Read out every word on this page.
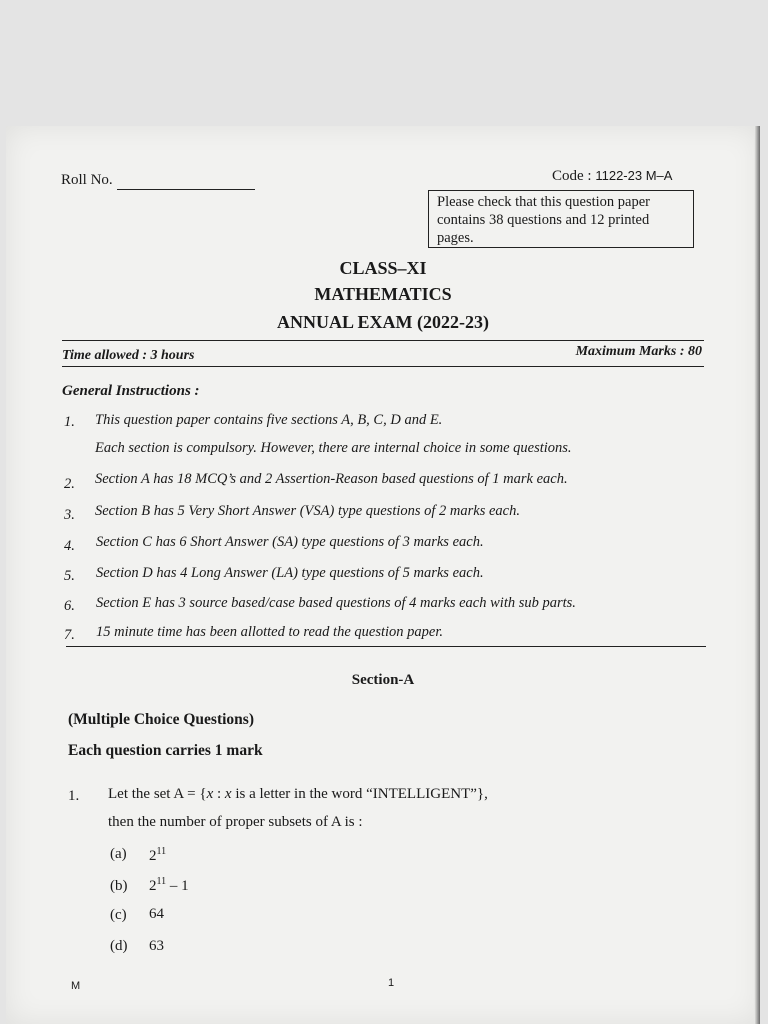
Roll No.	Code : 1122-23 M–A
Please check that this question paper contains 38 questions and 12 printed pages.
CLASS–XI
MATHEMATICS
ANNUAL EXAM (2022-23)
Time allowed : 3 hours	Maximum Marks : 80
General Instructions :
1. This question paper contains five sections A, B, C, D and E.
Each section is compulsory. However, there are internal choice in some questions.
2. Section A has 18 MCQ’s and 2 Assertion-Reason based questions of 1 mark each.
3. Section B has 5 Very Short Answer (VSA) type questions of 2 marks each.
4. Section C has 6 Short Answer (SA) type questions of 3 marks each.
5. Section D has 4 Long Answer (LA) type questions of 5 marks each.
6. Section E has 3 source based/case based questions of 4 marks each with sub parts.
7. 15 minute time has been allotted to read the question paper.
Section-A
(Multiple Choice Questions)
Each question carries 1 mark
1. Let the set A = {x : x is a letter in the word “INTELLIGENT”},
then the number of proper subsets of A is :
(a) $2^{11}$
(b) $2^{11} - 1$
(c) 64
(d) 63
M	1
